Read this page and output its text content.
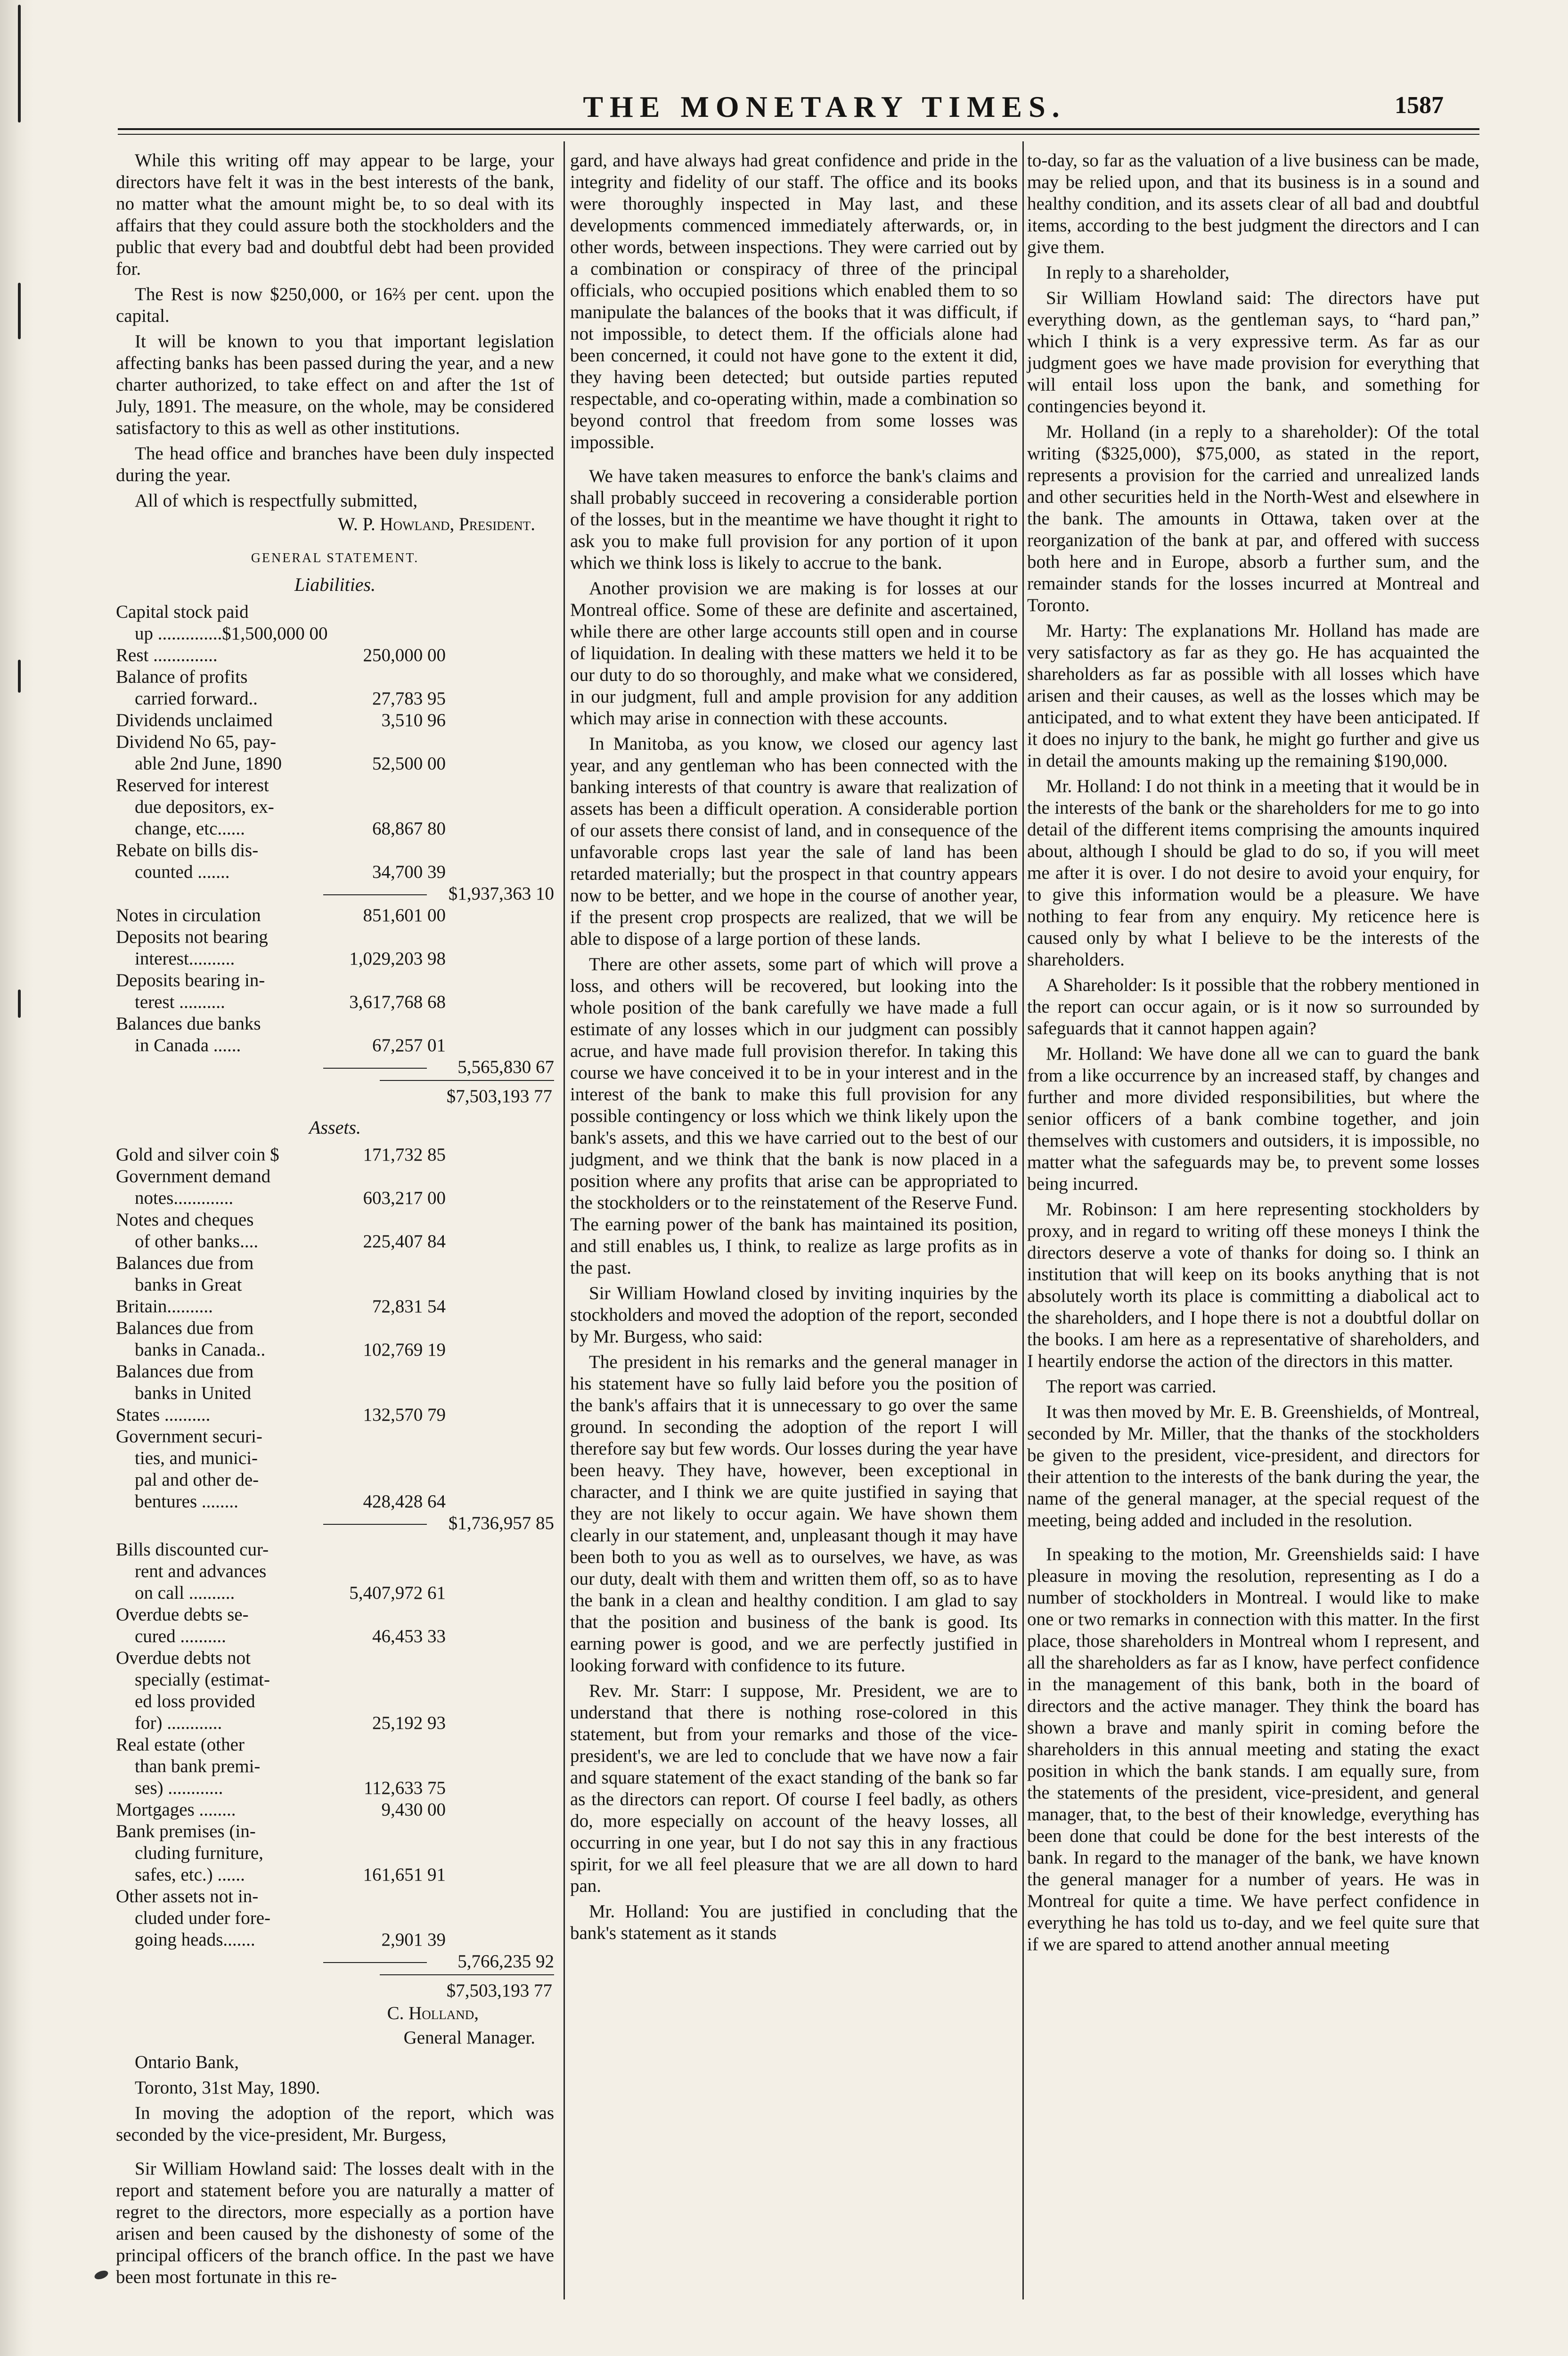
THE MONETARY TIMES.	1587

While this writing off may appear to be large, your directors have felt it was in the best interests of the bank, no matter what the amount might be, to so deal with its affairs that they could assure both the stockholders and the public that every bad and doubtful debt had been provided for.

The Rest is now $250,000, or 16⅔ per cent. upon the capital.

It will be known to you that important legislation affecting banks has been passed during the year, and a new charter authorized, to take effect on and after the 1st of July, 1891. The measure, on the whole, may be considered satisfactory to this as well as other institutions.

The head office and branches have been duly inspected during the year.

All of which is respectfully submitted,

W. P. Howland, President.
GENERAL STATEMENT.
Liabilities.
Capital stock paid
up ..............$1,500,000 00
Rest ..............	250,000 00
Balance of profits
carried forward..	27,783 95
Dividends unclaimed	3,510 96
Dividend No 65, pay-
able 2nd June, 1890	52,500 00
Reserved for interest
due depositors, ex-
change, etc......	68,867 80
Rebate on bills dis-
counted .......	34,700 39
$1,937,363 10
Notes in circulation	851,601 00
Deposits not bearing
interest..........	1,029,203 98
Deposits bearing in-
terest ..........	3,617,768 68
Balances due banks
in Canada ......	67,257 01
5,565,830 67
$7,503,193 77
Assets.
Gold and silver coin $	171,732 85
Government demand
notes.............	603,217 00
Notes and cheques
of other banks....	225,407 84
Balances due from
banks in Great
Britain..........	72,831 54
Balances due from
banks in Canada..	102,769 19
Balances due from
banks in United
States ..........	132,570 79
Government securi-
ties, and munici-
pal and other de-
bentures ........	428,428 64
$1,736,957 85
Bills discounted cur-
rent and advances
on call ..........	5,407,972 61
Overdue debts se-
cured ..........	46,453 33
Overdue debts not
specially (estimat-
ed loss provided
for) ............	25,192 93
Real estate (other
than bank premi-
ses) ............	112,633 75
Mortgages ........	9,430 00
Bank premises (in-
cluding furniture,
safes, etc.) ......	161,651 91
Other assets not in-
cluded under fore-
going heads.......	2,901 39
5,766,235 92
$7,503,193 77
C. Holland,
General Manager.

Ontario Bank,

Toronto, 31st May, 1890.

In moving the adoption of the report, which was seconded by the vice-president, Mr. Burgess,

Sir William Howland said: The losses dealt with in the report and statement before you are naturally a matter of regret to the directors, more especially as a portion have arisen and been caused by the dishonesty of some of the principal officers of the branch office. In the past we have been most fortunate in this re-

gard, and have always had great confidence and pride in the integrity and fidelity of our staff. The office and its books were thoroughly inspected in May last, and these developments commenced immediately afterwards, or, in other words, between inspections. They were carried out by a combination or conspiracy of three of the principal officials, who occupied positions which enabled them to so manipulate the balances of the books that it was difficult, if not impossible, to detect them. If the officials alone had been concerned, it could not have gone to the extent it did, they having been detected; but outside parties reputed respectable, and co-operating within, made a combination so beyond control that freedom from some losses was impossible.

We have taken measures to enforce the bank's claims and shall probably succeed in recovering a considerable portion of the losses, but in the meantime we have thought it right to ask you to make full provision for any portion of it upon which we think loss is likely to accrue to the bank.

Another provision we are making is for losses at our Montreal office. Some of these are definite and ascertained, while there are other large accounts still open and in course of liquidation. In dealing with these matters we held it to be our duty to do so thoroughly, and make what we considered, in our judgment, full and ample provision for any addition which may arise in connection with these accounts.

In Manitoba, as you know, we closed our agency last year, and any gentleman who has been connected with the banking interests of that country is aware that realization of assets has been a difficult operation. A considerable portion of our assets there consist of land, and in consequence of the unfavorable crops last year the sale of land has been retarded materially; but the prospect in that country appears now to be better, and we hope in the course of another year, if the present crop prospects are realized, that we will be able to dispose of a large portion of these lands.

There are other assets, some part of which will prove a loss, and others will be recovered, but looking into the whole position of the bank carefully we have made a full estimate of any losses which in our judgment can possibly acrue, and have made full provision therefor. In taking this course we have conceived it to be in your interest and in the interest of the bank to make this full provision for any possible contingency or loss which we think likely upon the bank's assets, and this we have carried out to the best of our judgment, and we think that the bank is now placed in a position where any profits that arise can be appropriated to the stockholders or to the reinstatement of the Reserve Fund. The earning power of the bank has maintained its position, and still enables us, I think, to realize as large profits as in the past.

Sir William Howland closed by inviting inquiries by the stockholders and moved the adoption of the report, seconded by Mr. Burgess, who said:

The president in his remarks and the general manager in his statement have so fully laid before you the position of the bank's affairs that it is unnecessary to go over the same ground. In seconding the adoption of the report I will therefore say but few words. Our losses during the year have been heavy. They have, however, been exceptional in character, and I think we are quite justified in saying that they are not likely to occur again. We have shown them clearly in our statement, and, unpleasant though it may have been both to you as well as to ourselves, we have, as was our duty, dealt with them and written them off, so as to have the bank in a clean and healthy condition. I am glad to say that the position and business of the bank is good. Its earning power is good, and we are perfectly justified in looking forward with confidence to its future.

Rev. Mr. Starr: I suppose, Mr. President, we are to understand that there is nothing rose-colored in this statement, but from your remarks and those of the vice-president's, we are led to conclude that we have now a fair and square statement of the exact standing of the bank so far as the directors can report. Of course I feel badly, as others do, more especially on account of the heavy losses, all occurring in one year, but I do not say this in any fractious spirit, for we all feel pleasure that we are all down to hard pan.

Mr. Holland: You are justified in concluding that the bank's statement as it stands

to-day, so far as the valuation of a live business can be made, may be relied upon, and that its business is in a sound and healthy condition, and its assets clear of all bad and doubtful items, according to the best judgment the directors and I can give them.

In reply to a shareholder,

Sir William Howland said: The directors have put everything down, as the gentleman says, to “hard pan,” which I think is a very expressive term. As far as our judgment goes we have made provision for everything that will entail loss upon the bank, and something for contingencies beyond it.

Mr. Holland (in a reply to a shareholder): Of the total writing ($325,000), $75,000, as stated in the report, represents a provision for the carried and unrealized lands and other securities held in the North-West and elsewhere in the bank. The amounts in Ottawa, taken over at the reorganization of the bank at par, and offered with success both here and in Europe, absorb a further sum, and the remainder stands for the losses incurred at Montreal and Toronto.

Mr. Harty: The explanations Mr. Holland has made are very satisfactory as far as they go. He has acquainted the shareholders as far as possible with all losses which have arisen and their causes, as well as the losses which may be anticipated, and to what extent they have been anticipated. If it does no injury to the bank, he might go further and give us in detail the amounts making up the remaining $190,000.

Mr. Holland: I do not think in a meeting that it would be in the interests of the bank or the shareholders for me to go into detail of the different items comprising the amounts inquired about, although I should be glad to do so, if you will meet me after it is over. I do not desire to avoid your enquiry, for to give this information would be a pleasure. We have nothing to fear from any enquiry. My reticence here is caused only by what I believe to be the interests of the shareholders.

A Shareholder: Is it possible that the robbery mentioned in the report can occur again, or is it now so surrounded by safeguards that it cannot happen again?

Mr. Holland: We have done all we can to guard the bank from a like occurrence by an increased staff, by changes and further and more divided responsibilities, but where the senior officers of a bank combine together, and join themselves with customers and outsiders, it is impossible, no matter what the safeguards may be, to prevent some losses being incurred.

Mr. Robinson: I am here representing stockholders by proxy, and in regard to writing off these moneys I think the directors deserve a vote of thanks for doing so. I think an institution that will keep on its books anything that is not absolutely worth its place is committing a diabolical act to the shareholders, and I hope there is not a doubtful dollar on the books. I am here as a representative of shareholders, and I heartily endorse the action of the directors in this matter.

The report was carried.

It was then moved by Mr. E. B. Greenshields, of Montreal, seconded by Mr. Miller, that the thanks of the stockholders be given to the president, vice-president, and directors for their attention to the interests of the bank during the year, the name of the general manager, at the special request of the meeting, being added and included in the resolution.

In speaking to the motion, Mr. Greenshields said: I have pleasure in moving the resolution, representing as I do a number of stockholders in Montreal. I would like to make one or two remarks in connection with this matter. In the first place, those shareholders in Montreal whom I represent, and all the shareholders as far as I know, have perfect confidence in the management of this bank, both in the board of directors and the active manager. They think the board has shown a brave and manly spirit in coming before the shareholders in this annual meeting and stating the exact position in which the bank stands. I am equally sure, from the statements of the president, vice-president, and general manager, that, to the best of their knowledge, everything has been done that could be done for the best interests of the bank. In regard to the manager of the bank, we have known the general manager for a number of years. He was in Montreal for quite a time. We have perfect confidence in everything he has told us to-day, and we feel quite sure that if we are spared to attend another annual meeting
